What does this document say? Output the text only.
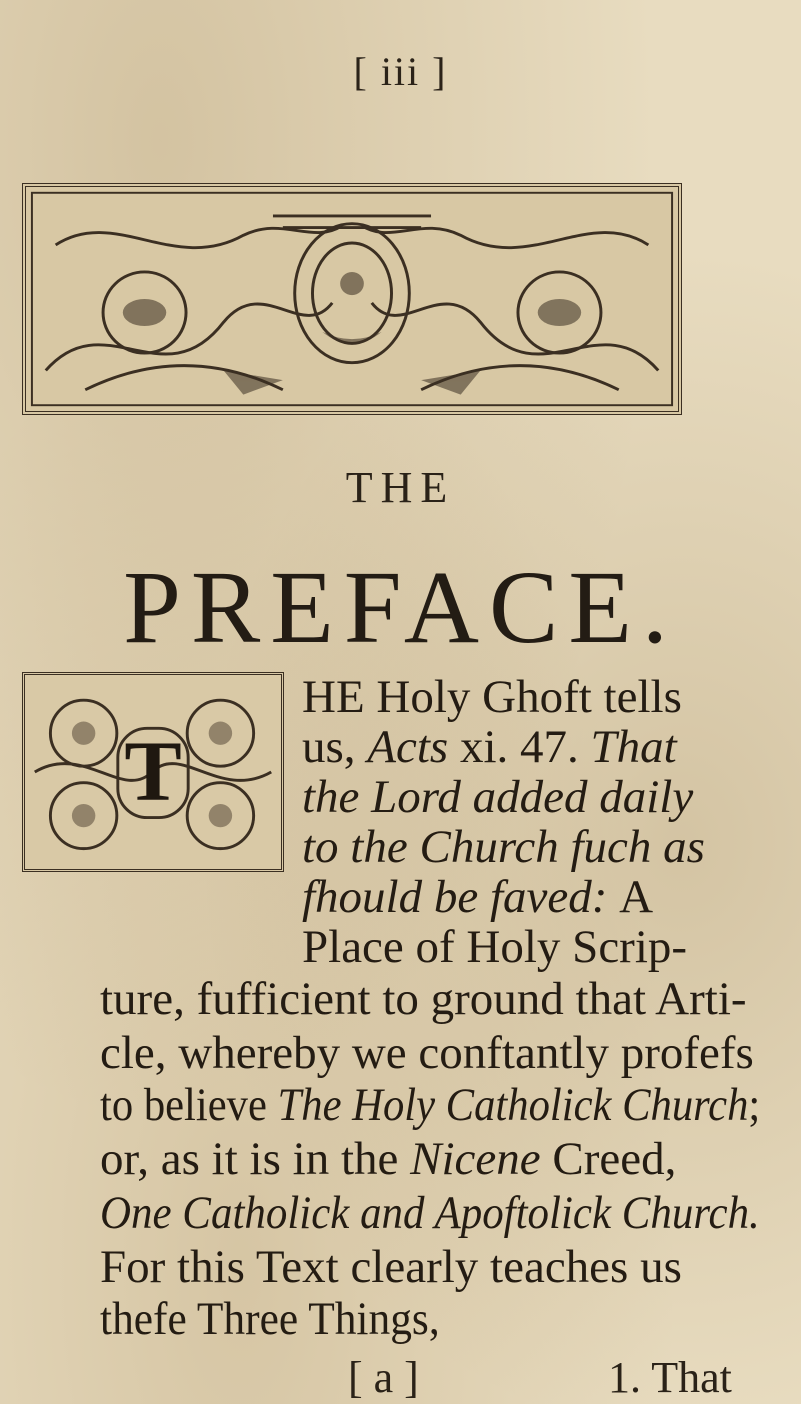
[ iii ]
THE
PREFACE.
T
HE Holy Ghoft tells
us, Acts xi. 47. That
the Lord added daily
to the Church fuch as
fhould be faved: A
Place of Holy Scrip-
ture, fufficient to ground that Arti-
cle, whereby we conftantly profefs
to believe The Holy Catholick Church;
or, as it is in the Nicene Creed,
One Catholick and Apoftolick Church.
For this Text clearly teaches us
thefe Three Things,
[ a ]	1. That
